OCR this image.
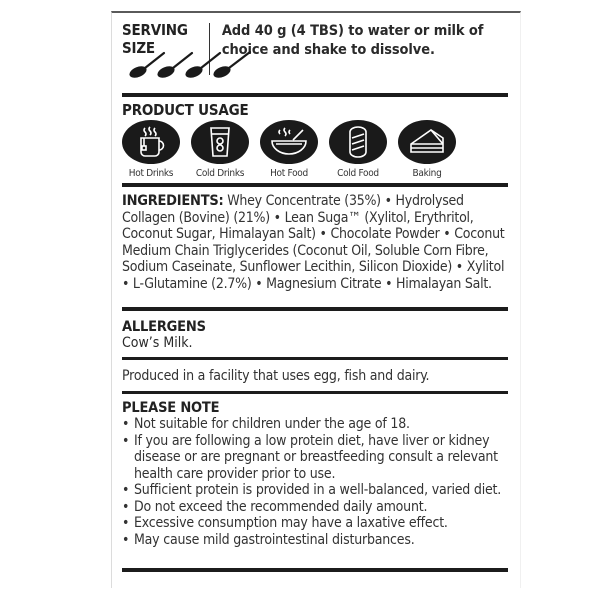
SERVING SIZE
Add 40 g (4 TBS) to water or milk of choice and shake to dissolve.
PRODUCT USAGE
Hot Drinks	Cold Drinks	Hot Food	Cold Food	Baking
INGREDIENTS: Whey Concentrate (35%) • Hydrolysed Collagen (Bovine) (21%) • Lean Suga™ (Xylitol, Erythritol, Coconut Sugar, Himalayan Salt) • Chocolate Powder • Coconut Medium Chain Triglycerides (Coconut Oil, Soluble Corn Fibre, Sodium Caseinate, Sunflower Lecithin, Silicon Dioxide) • Xylitol • L-Glutamine (2.7%) • Magnesium Citrate • Himalayan Salt.
ALLERGENS
Cow’s Milk.
Produced in a facility that uses egg, fish and dairy.
PLEASE NOTE
• Not suitable for children under the age of 18.
• If you are following a low protein diet, have liver or kidney disease or are pregnant or breastfeeding consult a relevant health care provider prior to use.
• Sufficient protein is provided in a well-balanced, varied diet.
• Do not exceed the recommended daily amount.
• Excessive consumption may have a laxative effect.
• May cause mild gastrointestinal disturbances.
